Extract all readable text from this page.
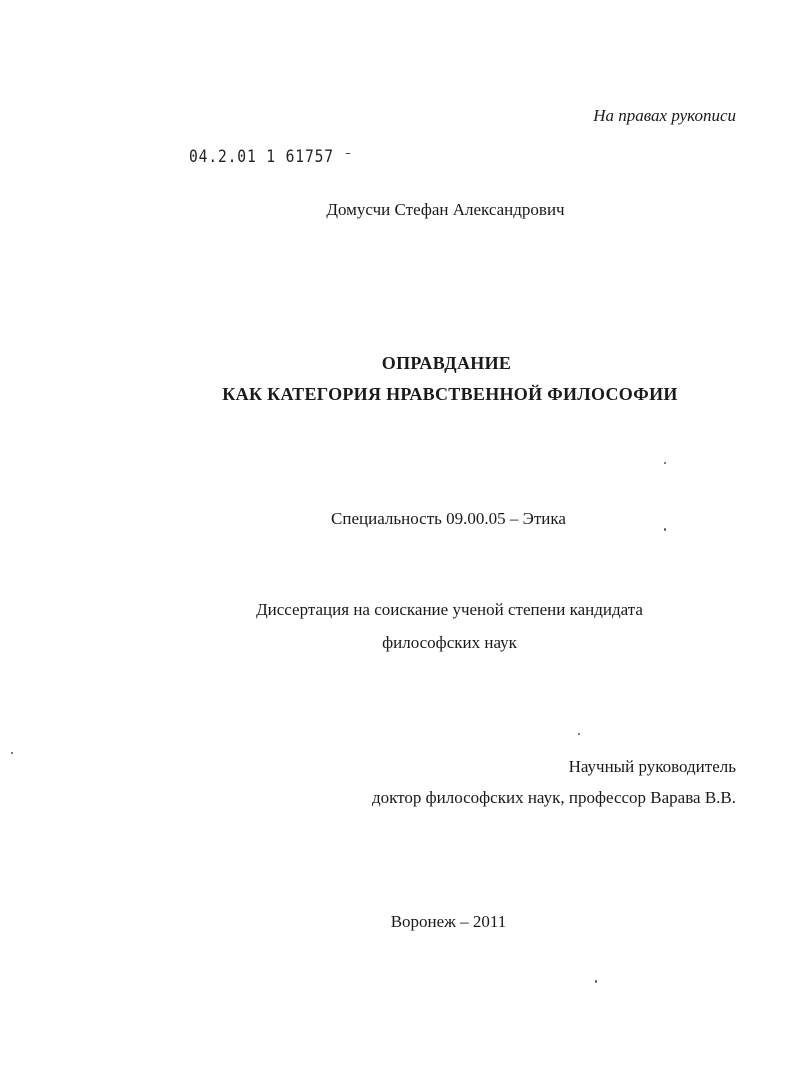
На правах рукописи
04.2.01 1 61757 ⁻
Домусчи Стефан Александрович
ОПРАВДАНИЕ
КАК КАТЕГОРИЯ НРАВСТВЕННОЙ ФИЛОСОФИИ
Специальность 09.00.05 – Этика
Диссертация на соискание ученой степени кандидата
философских наук
Научный руководитель
доктор философских наук, профессор Варава В.В.
Воронеж – 2011
